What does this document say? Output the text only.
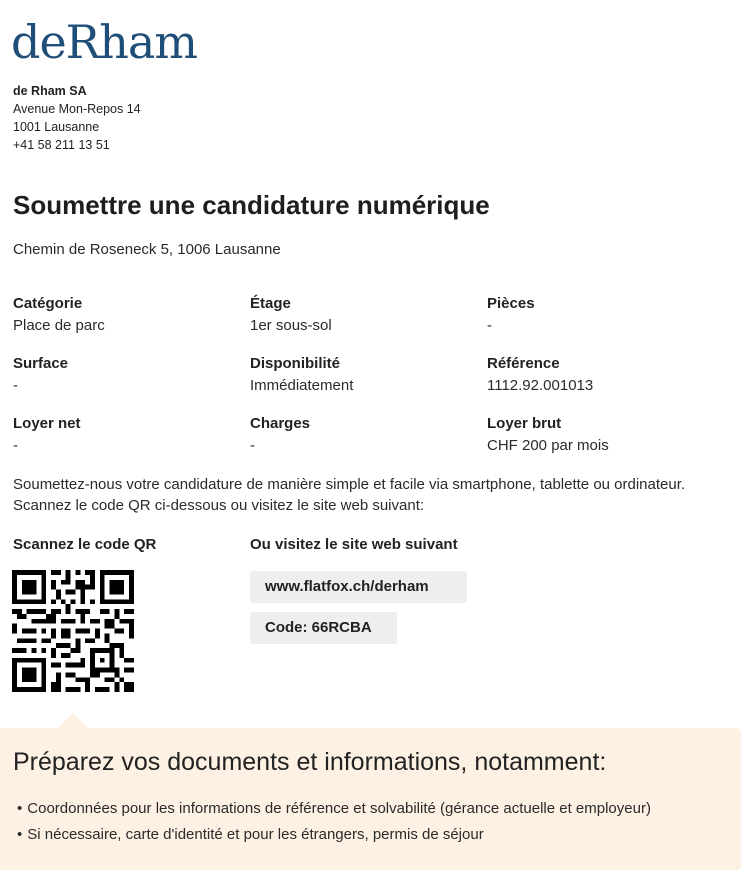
deRham
de Rham SA
Avenue Mon-Repos 14
1001 Lausanne
+41 58 211 13 51
Soumettre une candidature numérique
Chemin de Roseneck 5, 1006 Lausanne
Catégorie
Place de parc
Étage
1er sous-sol
Pièces
-
Surface
-
Disponibilité
Immédiatement
Référence
1112.92.001013
Loyer net
-
Charges
-
Loyer brut
CHF 200 par mois

Soumettez-nous votre candidature de manière simple et facile via smartphone, tablette ou ordinateur. Scannez le code QR ci-dessous ou visitez le site web suivant:

Scannez le code QR	Ou visitez le site web suivant
www.flatfox.ch/derham
Code: 66RCBA
Préparez vos documents et informations, notamment:
• Coordonnées pour les informations de référence et solvabilité (gérance actuelle et employeur)
• Si nécessaire, carte d'identité et pour les étrangers, permis de séjour
